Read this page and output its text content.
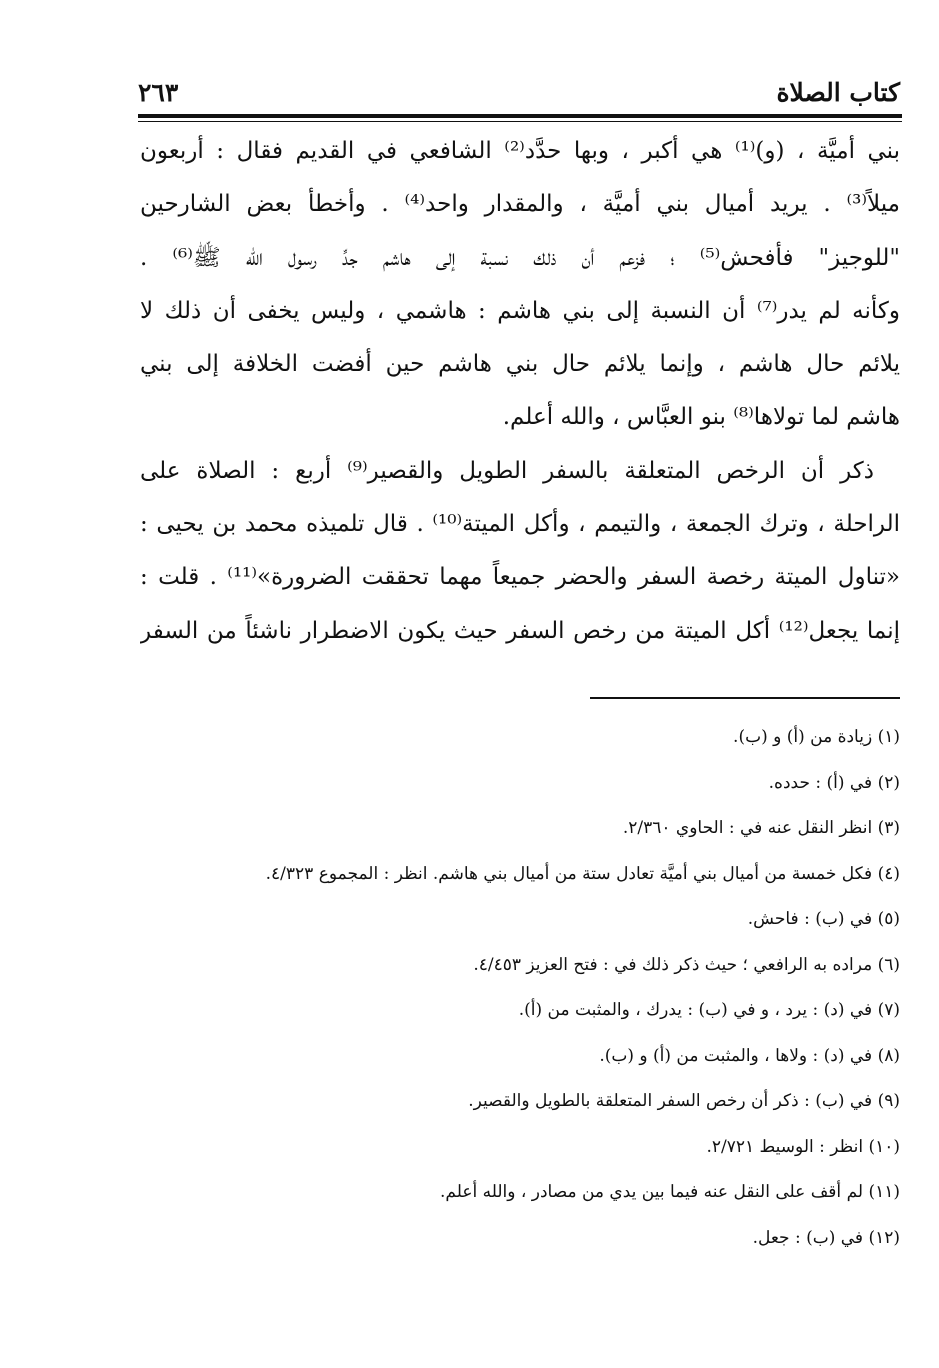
كتاب الصلاة
٢٦٣
بني أميَّة ، (و)⁽¹⁾ هي أكبر ، وبها حدَّد⁽²⁾ الشافعي في القديم فقال : أربعون
ميلاً⁽³⁾ . يريد أميال بني أميَّة ، والمقدار واحد⁽⁴⁾ . وأخطأ بعض الشارحين
"للوجيز" فأفحش⁽⁵⁾ ؛ فزعم أن ذلك نسبة إلى هاشم جدِّ رسول الله ﷺ⁽⁶⁾ .
وكأنه لم يدر⁽⁷⁾ أن النسبة إلى بني هاشم : هاشمي ، وليس يخفى أن ذلك لا
يلائم حال هاشم ، وإنما يلائم حال بني هاشم حين أفضت الخلافة إلى بني
هاشم لما تولاها⁽⁸⁾ بنو العبَّاس ، والله أعلم.
ذكر أن الرخص المتعلقة بالسفر الطويل والقصير⁽⁹⁾ أربع : الصلاة على
الراحلة ، وترك الجمعة ، والتيمم ، وأكل الميتة⁽¹⁰⁾ . قال تلميذه محمد بن يحيى :
«تناول الميتة رخصة السفر والحضر جميعاً مهما تحققت الضرورة»⁽¹¹⁾ . قلت :
إنما يجعل⁽¹²⁾ أكل الميتة من رخص السفر حيث يكون الاضطرار ناشئاً من السفر
(١) زيادة من (أ) و (ب).
(٢) في (أ) : حدده.
(٣) انظر النقل عنه في : الحاوي ٢/٣٦٠.
(٤) فكل خمسة من أميال بني أميَّة تعادل ستة من أميال بني هاشم. انظر : المجموع ٤/٣٢٣.
(٥) في (ب) : فاحش.
(٦) مراده به الرافعي ؛ حيث ذكر ذلك في : فتح العزيز ٤/٤٥٣.
(٧) في (د) : يرد ، و في (ب) : يدرك ، والمثبت من (أ).
(٨) في (د) : ولاها ، والمثبت من (أ) و (ب).
(٩) في (ب) : ذكر أن رخص السفر المتعلقة بالطويل والقصير.
(١٠) انظر : الوسيط ٢/٧٢١.
(١١) لم أقف على النقل عنه فيما بين يدي من مصادر ، والله أعلم.
(١٢) في (ب) : جعل.
